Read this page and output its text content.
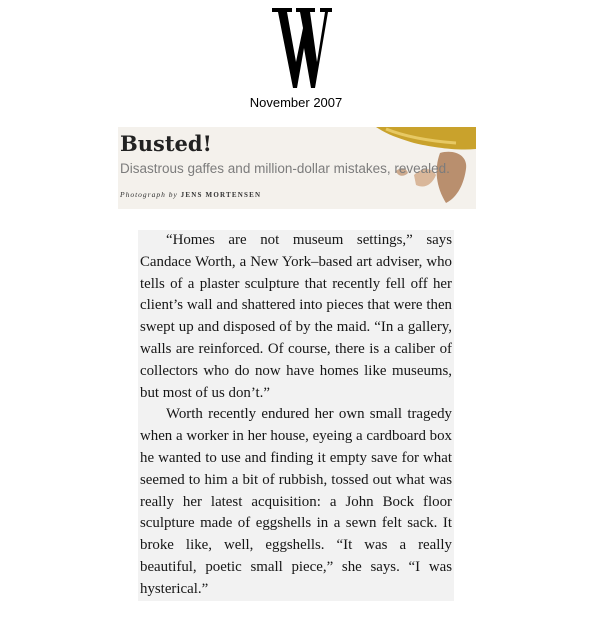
November 2007
Busted!
Disastrous gaffes and million-dollar mistakes, revealed.
Photograph by JENS MORTENSEN

“Homes are not museum settings,” says Candace Worth, a New York–based art adviser, who tells of a plaster sculpture that recently fell off her client’s wall and shattered into pieces that were then swept up and disposed of by the maid. “In a gallery, walls are reinforced. Of course, there is a caliber of collectors who do now have homes like museums, but most of us don’t.”

Worth recently endured her own small tragedy when a worker in her house, eyeing a cardboard box he wanted to use and finding it empty save for what seemed to him a bit of rubbish, tossed out what was really her latest acquisition: a John Bock floor sculpture made of eggshells in a sewn felt sack. It broke like, well, eggshells. “It was a really beautiful, poetic small piece,” she says. “I was hysterical.”
